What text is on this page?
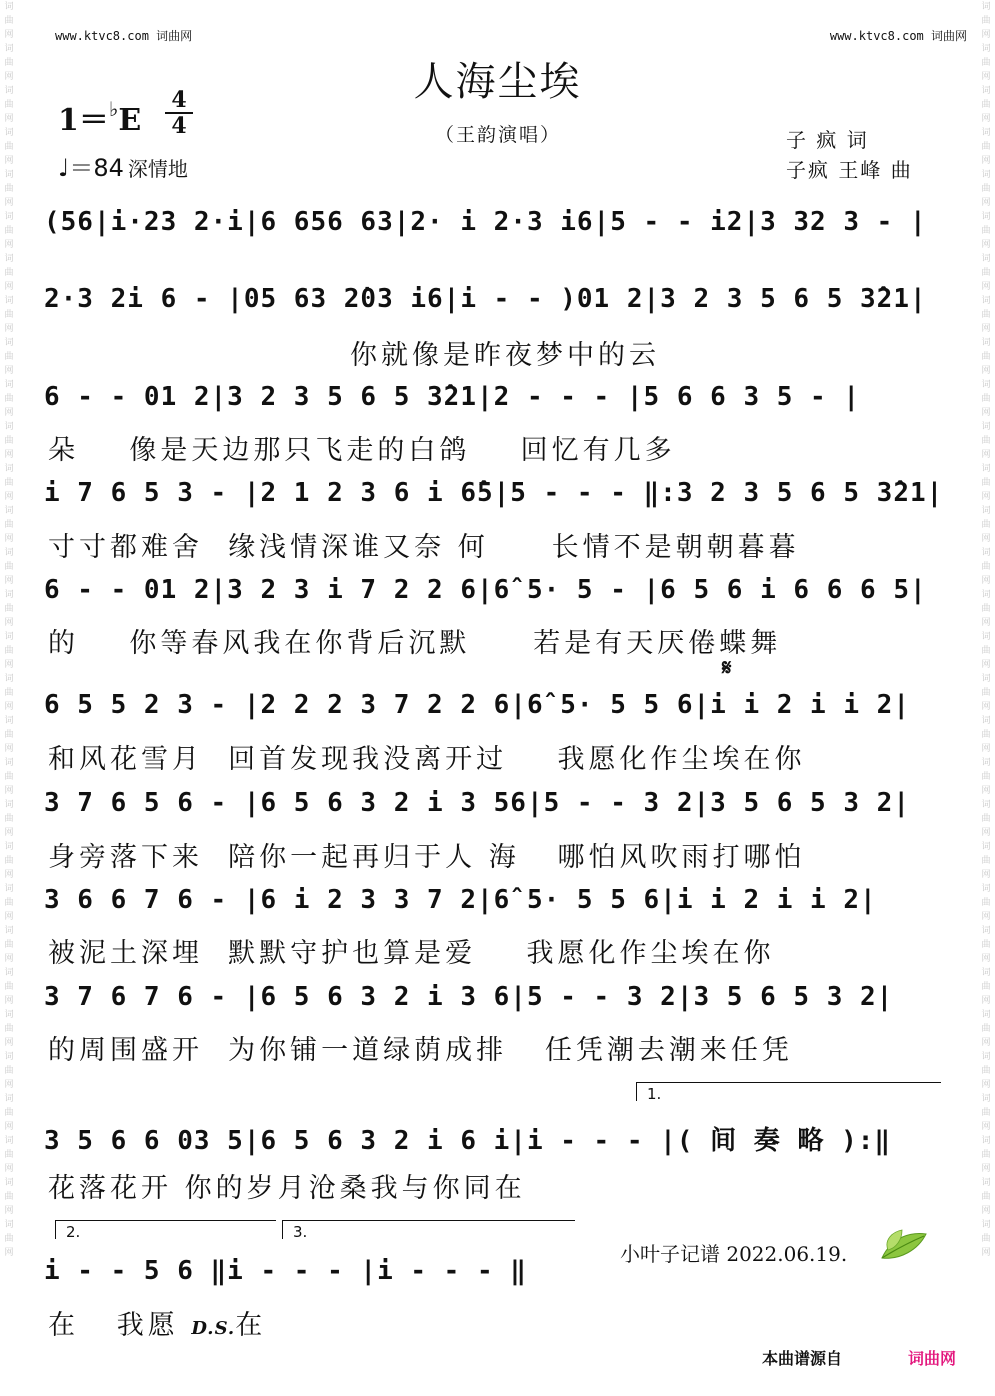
词曲网词曲网词曲网词曲网词曲网词曲网词曲网词曲网词曲网词曲网词曲网词曲网词曲网词曲网词曲网词曲网词曲网词曲网词曲网词曲网词曲网词曲网词曲网词曲网词曲网词曲网词曲网词曲网词曲网词曲网
词曲网词曲网词曲网词曲网词曲网词曲网词曲网词曲网词曲网词曲网词曲网词曲网词曲网词曲网词曲网词曲网词曲网词曲网词曲网词曲网词曲网词曲网词曲网词曲网词曲网词曲网词曲网词曲网词曲网词曲网
www.ktvc8.com 词曲网	www.ktvc8.com 词曲网
人海尘埃
1＝♭E
4
4
♩＝84 深情地
（王韵演唱）	子 疯 词
子疯 王峰 曲
(56|i·23 2·i|6 656 63|2· i 2·3 i6|5 - - i2|3 32 3 - |
2·3 2i 6 - |05 63 2̇03 i6|i - - )01 2|3 2 3 5 6 5 3̂21|
你就像是昨夜梦中的云
6 - - 01 2|3 2 3 5 6 5 3̂21|2 - - - |5 6 6 3 5 - |
朵    像是天边那只飞走的白鸽    回忆有几多
i 7 6 5 3 - |2 1 2 3 6 i 6̂5|5 - - - ‖:3 2 3 5 6 5 3̂21|
寸寸都难舍  缘浅情深谁又奈 何     长情不是朝朝暮暮
6 - - 01 2|3 2 3 i 7 2 2 6|6̂ 5· 5 - |6 5 6 i 6 6 6 5|
的    你等春风我在你背后沉默     若是有天厌倦蝶舞
𝄋
6 5 5 2 3 - |2 2 2 3 7 2 2 6|6̂ 5· 5 5 6|i i 2 i i 2|
和风花雪月  回首发现我没离开过    我愿化作尘埃在你
3 7 6 5 6 - |6 5 6 3 2 i 3 56|5 - - 3 2|3 5 6 5 3 2|
身旁落下来  陪你一起再归于人 海   哪怕风吹雨打哪怕
3 6 6 7 6 - |6 i 2 3 3 7 2|6̂ 5· 5 5 6|i i 2 i i 2|
被泥土深埋  默默守护也算是爱    我愿化作尘埃在你
3 7 6 7 6 - |6 5 6 3 2 i 3 6|5 - - 3 2|3 5 6 5 3 2|
的周围盛开  为你铺一道绿荫成排   任凭潮去潮来任凭
1.
3 5 6 6 03 5|6 5 6 3 2 i 6 i|i - - - |( 间 奏 略 ):‖
花落花开 你的岁月沧桑我与你同在
2.	3.
i - - 5 6 ‖i - - - |i - - - ‖
在   我愿 D.S.在
小叶子记谱 2022.06.19.
本曲谱源自	词曲网
